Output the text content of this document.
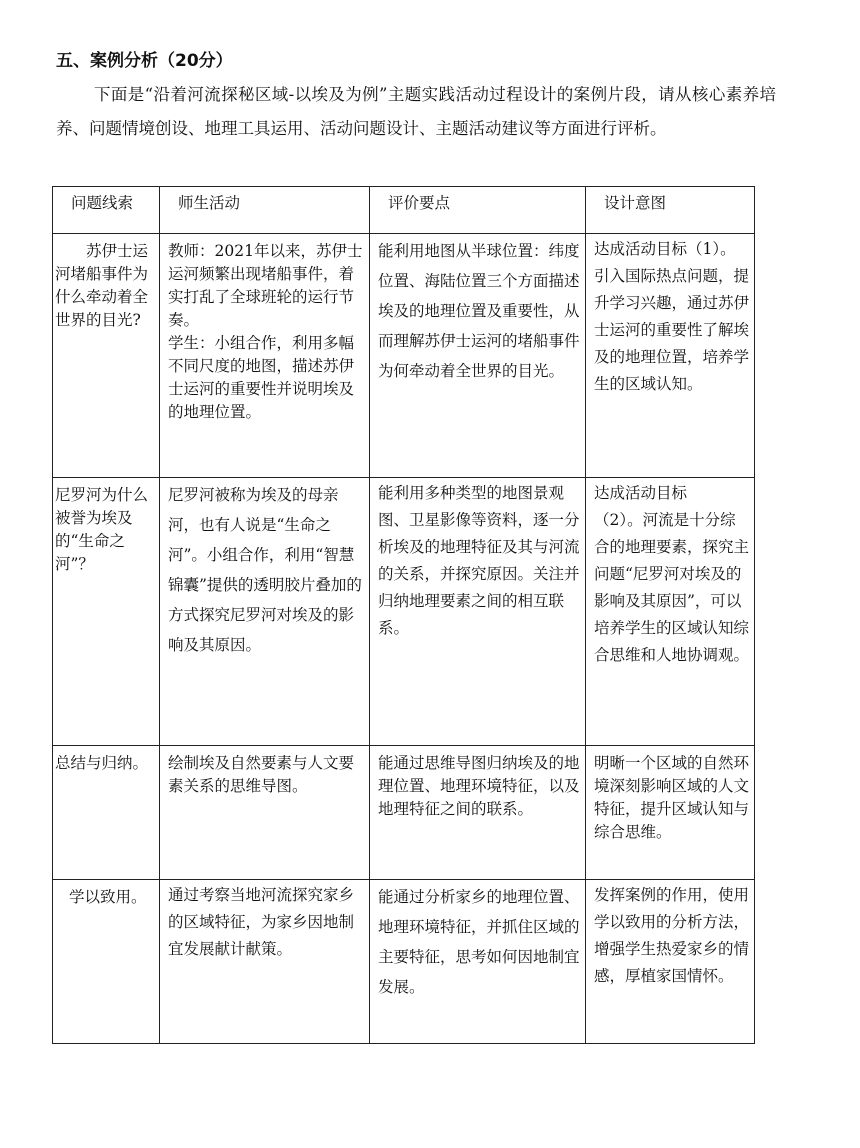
五、案例分析（20分）
下面是“沿着河流探秘区域-以埃及为例”主题实践活动过程设计的案例片段，请从核心素养培养、问题情境创设、地理工具运用、活动问题设计、主题活动建议等方面进行评析。
问题线索	师生活动	评价要点	设计意图

苏伊士运河堵船事件为什么牵动着全世界的目光?	教师：2021年以来，苏伊士运河频繁出现堵船事件，着实打乱了全球班轮的运行节奏。
学生：小组合作，利用多幅不同尺度的地图，描述苏伊士运河的重要性并说明埃及的地理位置。	能利用地图从半球位置：纬度位置、海陆位置三个方面描述埃及的地理位置及重要性，从而理解苏伊士运河的堵船事件为何牵动着全世界的目光。	达成活动目标（1）。引入国际热点问题，提升学习兴趣，通过苏伊士运河的重要性了解埃及的地理位置，培养学生的区域认知。

尼罗河为什么被誉为埃及的“生命之河”？	尼罗河被称为埃及的母亲河，也有人说是“生命之河”。小组合作，利用“智慧锦囊”提供的透明胶片叠加的方式探究尼罗河对埃及的影响及其原因。	能利用多种类型的地图景观图、卫星影像等资料，逐一分析埃及的地理特征及其与河流的关系，并探究原因。关注并归纳地理要素之间的相互联系。	达成活动目标
（2）。河流是十分综合的地理要素，探究主问题“尼罗河对埃及的影响及其原因”，可以培养学生的区域认知综合思维和人地协调观。

总结与归纳。	绘制埃及自然要素与人文要素关系的思维导图。	能通过思维导图归纳埃及的地理位置、地理环境特征，以及地理特征之间的联系。	明晰一个区域的自然环境深刻影响区域的人文特征，提升区域认知与综合思维。

学以致用。	通过考察当地河流探究家乡的区域特征，为家乡因地制宜发展献计献策。	能通过分析家乡的地理位置、地理环境特征，并抓住区域的主要特征，思考如何因地制宜发展。	发挥案例的作用，使用学以致用的分析方法，增强学生热爱家乡的情感，厚植家国情怀。
